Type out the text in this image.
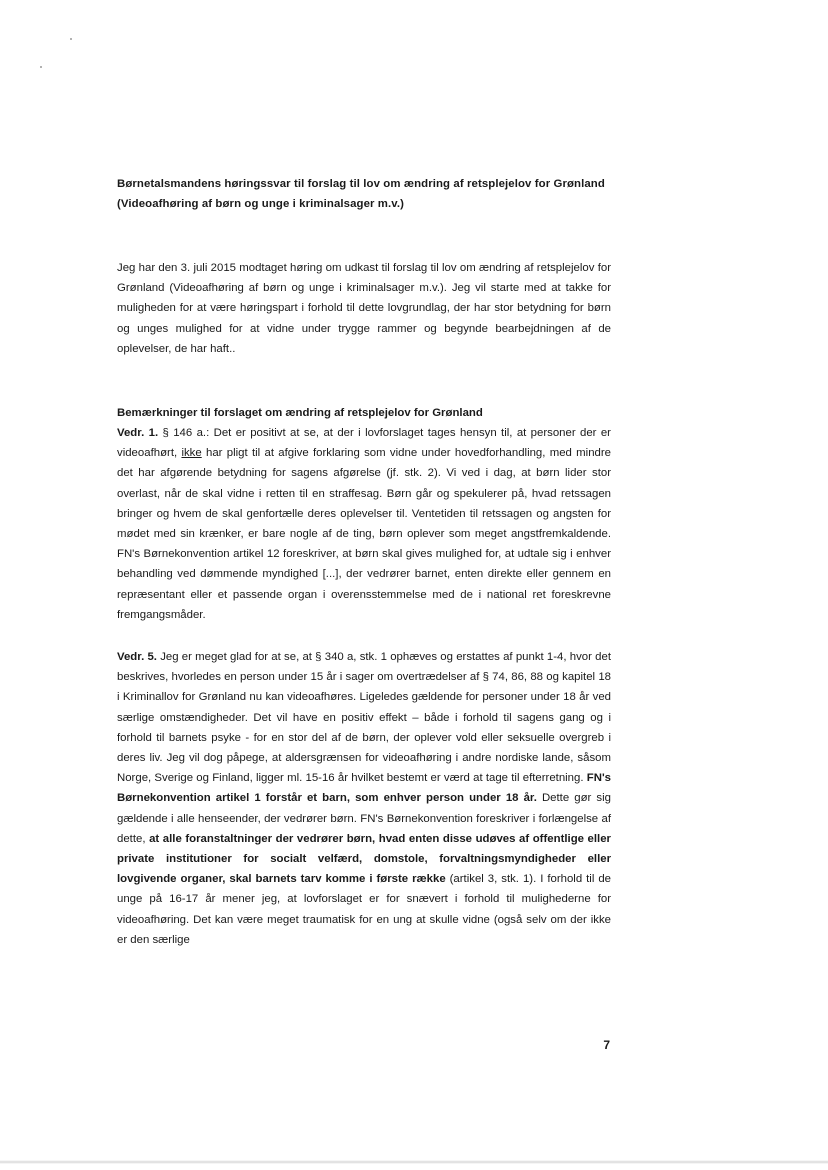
Børnetalsmandens høringssvar til forslag til lov om ændring af retsplejelov for Grønland (Videoafhøring af børn og unge i kriminalsager m.v.)

Jeg har den 3. juli 2015 modtaget høring om udkast til forslag til lov om ændring af retsplejelov for Grønland (Videoafhøring af børn og unge i kriminalsager m.v.). Jeg vil starte med at takke for muligheden for at være høringspart i forhold til dette lovgrundlag, der har stor betydning for børn og unges mulighed for at vidne under trygge rammer og begynde bearbejdningen af de oplevelser, de har haft..

Bemærkninger til forslaget om ændring af retsplejelov for Grønland

Vedr. 1. § 146 a.: Det er positivt at se, at der i lovforslaget tages hensyn til, at personer der er videoafhørt, ikke har pligt til at afgive forklaring som vidne under hovedforhandling, med mindre det har afgørende betydning for sagens afgørelse (jf. stk. 2). Vi ved i dag, at børn lider stor overlast, når de skal vidne i retten til en straffesag. Børn går og spekulerer på, hvad retssagen bringer og hvem de skal genfortælle deres oplevelser til. Ventetiden til retssagen og angsten for mødet med sin krænker, er bare nogle af de ting, børn oplever som meget angstfremkaldende. FN's Børnekonvention artikel 12 foreskriver, at børn skal gives mulighed for, at udtale sig i enhver behandling ved dømmende myndighed [...], der vedrører barnet, enten direkte eller gennem en repræsentant eller et passende organ i overensstemmelse med de i national ret foreskrevne fremgangsmåder.

Vedr. 5. Jeg er meget glad for at se, at § 340 a, stk. 1 ophæves og erstattes af punkt 1-4, hvor det beskrives, hvorledes en person under 15 år i sager om overtrædelser af § 74, 86, 88 og kapitel 18 i Kriminallov for Grønland nu kan videoafhøres. Ligeledes gældende for personer under 18 år ved særlige omstændigheder. Det vil have en positiv effekt – både i forhold til sagens gang og i forhold til barnets psyke - for en stor del af de børn, der oplever vold eller seksuelle overgreb i deres liv. Jeg vil dog påpege, at aldersgrænsen for videoafhøring i andre nordiske lande, såsom Norge, Sverige og Finland, ligger ml. 15-16 år hvilket bestemt er værd at tage til efterretning. FN's Børnekonvention artikel 1 forstår et barn, som enhver person under 18 år. Dette gør sig gældende i alle henseender, der vedrører børn. FN's Børnekonvention foreskriver i forlængelse af dette, at alle foranstaltninger der vedrører børn, hvad enten disse udøves af offentlige eller private institutioner for socialt velfærd, domstole, forvaltningsmyndigheder eller lovgivende organer, skal barnets tarv komme i første række (artikel 3, stk. 1). I forhold til de unge på 16-17 år mener jeg, at lovforslaget er for snævert i forhold til mulighederne for videoafhøring. Det kan være meget traumatisk for en ung at skulle vidne (også selv om der ikke er den særlige

7
